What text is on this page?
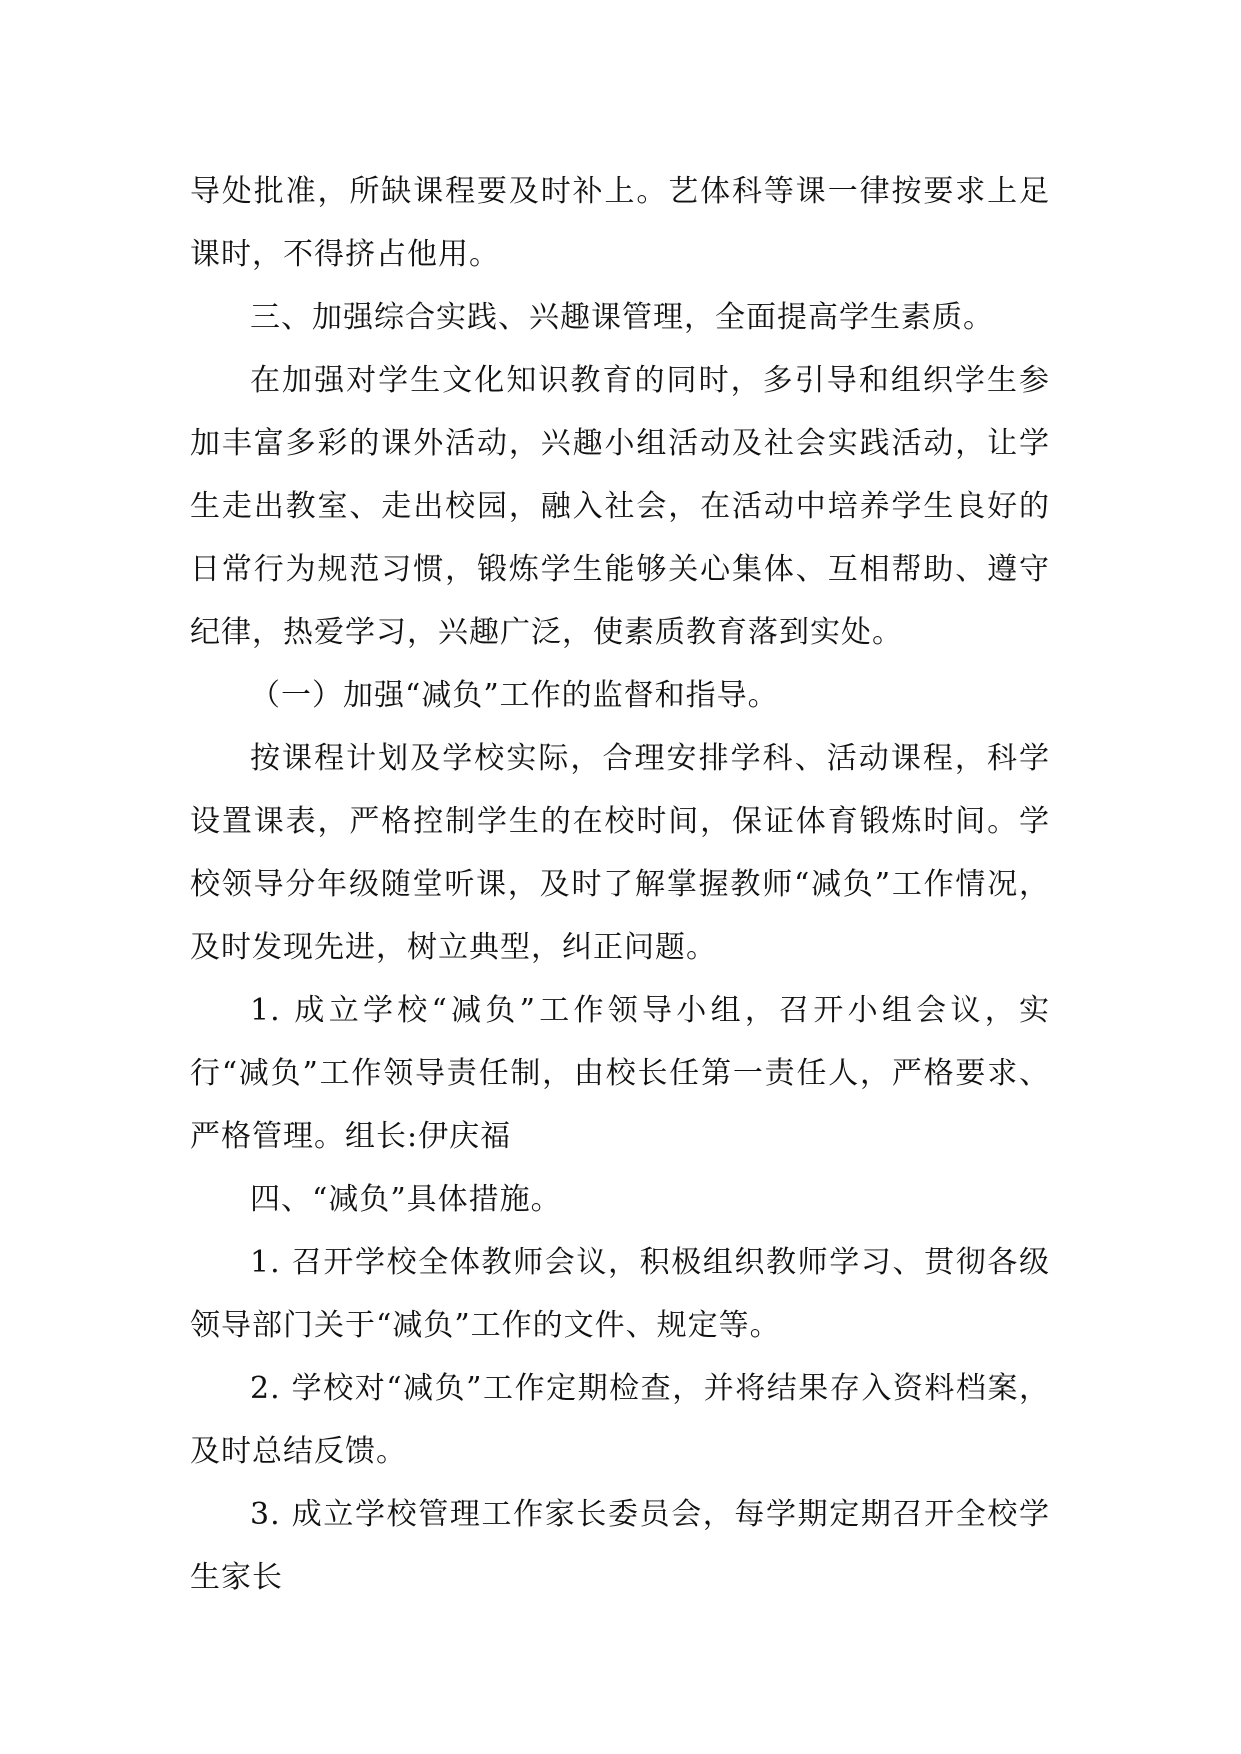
导处批准，所缺课程要及时补上。艺体科等课一律按要求上足课时，不得挤占他用。

三、加强综合实践、兴趣课管理，全面提高学生素质。

在加强对学生文化知识教育的同时，多引导和组织学生参加丰富多彩的课外活动，兴趣小组活动及社会实践活动，让学生走出教室、走出校园，融入社会，在活动中培养学生良好的日常行为规范习惯，锻炼学生能够关心集体、互相帮助、遵守纪律，热爱学习，兴趣广泛，使素质教育落到实处。

（一）加强“减负”工作的监督和指导。

按课程计划及学校实际，合理安排学科、活动课程，科学设置课表，严格控制学生的在校时间，保证体育锻炼时间。学校领导分年级随堂听课，及时了解掌握教师“减负”工作情况，及时发现先进，树立典型，纠正问题。

1. 成立学校“减负”工作领导小组，召开小组会议，实行“减负”工作领导责任制，由校长任第一责任人，严格要求、严格管理。组长:伊庆福

四、“减负”具体措施。

1. 召开学校全体教师会议，积极组织教师学习、贯彻各级领导部门关于“减负”工作的文件、规定等。

2. 学校对“减负”工作定期检查，并将结果存入资料档案，及时总结反馈。

3. 成立学校管理工作家长委员会，每学期定期召开全校学生家长
